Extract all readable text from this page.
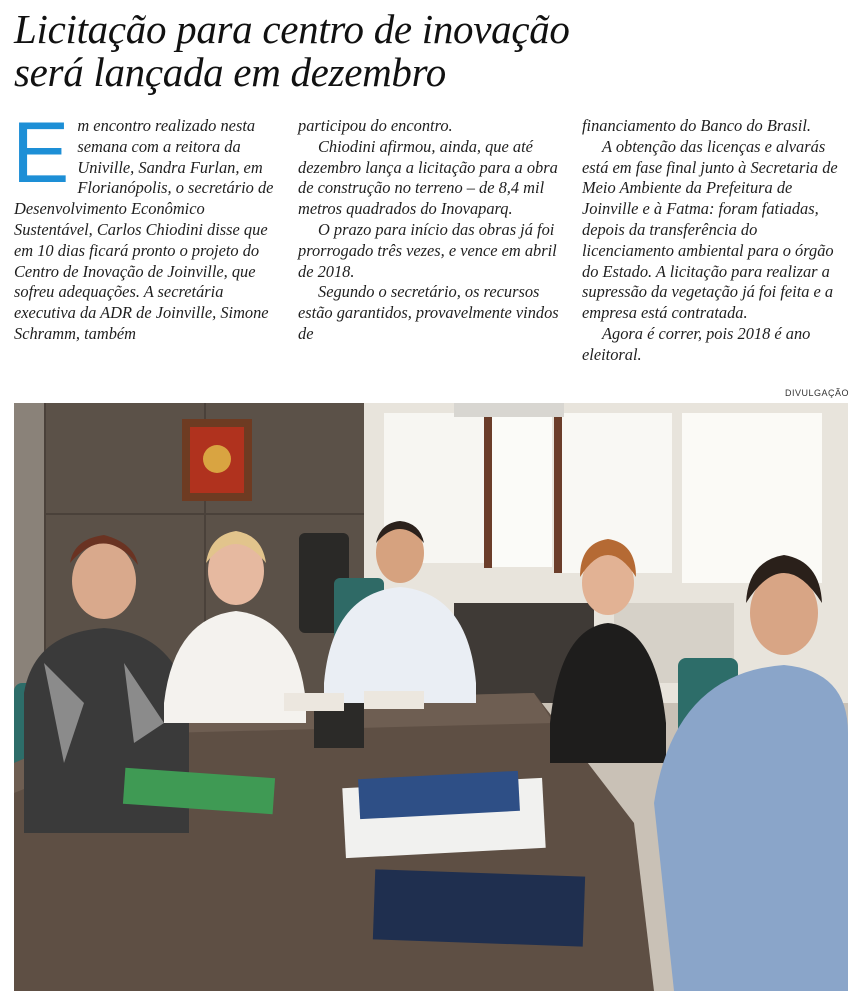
Licitação para centro de inovação
será lançada em dezembro

Em encontro realizado nesta semana com a reitora da Univille, Sandra Furlan, em Florianópolis, o secretário de Desenvolvimento Econômico Sustentável, Carlos Chiodini disse que em 10 dias ficará pronto o projeto do Centro de Inovação de Joinville, que sofreu adequações. A secretária executiva da ADR de Joinville, Simone Schramm, também

participou do encontro.

Chiodini afirmou, ainda, que até dezembro lança a licitação para a obra de construção no terreno – de 8,4 mil metros quadrados do Inovaparq.

O prazo para início das obras já foi prorrogado três vezes, e vence em abril de 2018.

Segundo o secretário, os recursos estão garantidos, provavelmente vindos de

financiamento do Banco do Brasil.

A obtenção das licenças e alvarás está em fase final junto à Secretaria de Meio Ambiente da Prefeitura de Joinville e à Fatma: foram fatiadas, depois da transferência do licenciamento ambiental para o órgão do Estado. A licitação para realizar a supressão da vegetação já foi feita e a empresa está contratada.

Agora é correr, pois 2018 é ano eleitoral.

DIVULGAÇÃO
